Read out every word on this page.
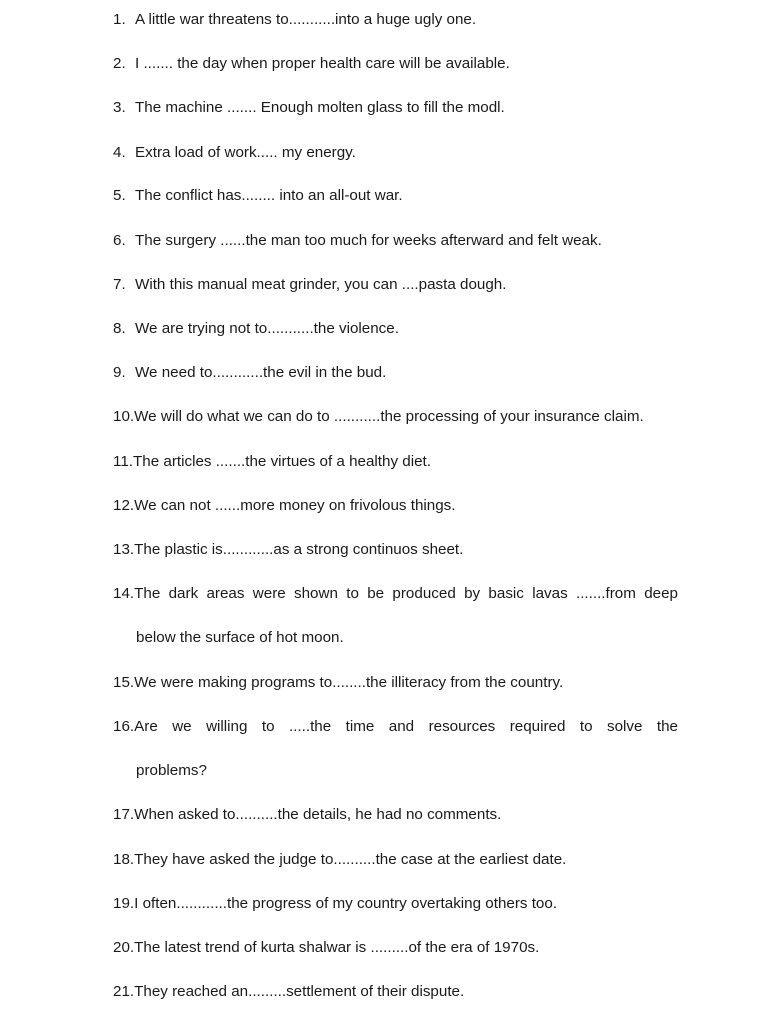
1. A little war threatens to...........into a huge ugly one.
2. I ....... the day when proper health care will be available.
3. The machine ....... Enough molten glass to fill the modl.
4. Extra load of work..... my energy.
5. The conflict has........ into an all-out war.
6. The surgery ......the man too much for weeks afterward and felt weak.
7. With this manual meat grinder, you can ....pasta dough.
8. We are trying not to...........the violence.
9. We need to............the evil in the bud.
10.We will do what we can do to ...........the processing of your insurance claim.
11.The articles .......the virtues of a healthy diet.
12.We can not ......more money on frivolous things.
13.The plastic is............as a strong continuos sheet.
14.The dark areas were shown to be produced by basic lavas .......from deep
below the surface of hot moon.
15.We were making programs to........the illiteracy from the country.
16.Are we willing to .....the time and resources required to solve the
problems?
17.When asked to..........the details, he had no comments.
18.They have asked the judge to..........the case at the earliest date.
19.I often............the progress of my country overtaking others too.
20.The latest trend of kurta shalwar is .........of the era of 1970s.
21.They reached an.........settlement of their dispute.
